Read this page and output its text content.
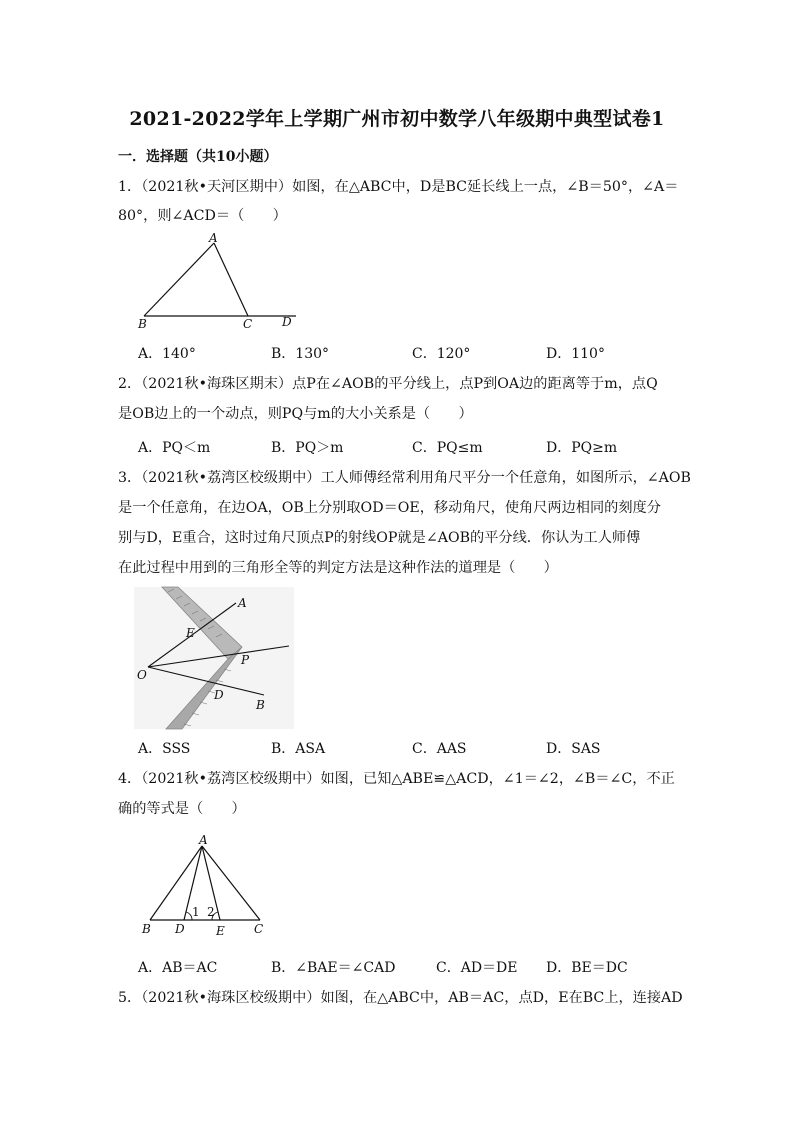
2021-2022学年上学期广州市初中数学八年级期中典型试卷1
一．选择题（共10小题）
1．（2021秋•天河区期中）如图，在△ABC中，D是BC延长线上一点，∠B＝50°，∠A＝
80°，则∠ACD＝（　　）
A
B	C D
A．140°	B．130°	C．120°	D．110°
2．（2021秋•海珠区期末）点P在∠AOB的平分线上，点P到OA边的距离等于m，点Q
是OB边上的一个动点，则PQ与m的大小关系是（　　）
A．PQ＜m	B．PQ＞m	C．PQ≤m	D．PQ≥m
3．（2021秋•荔湾区校级期中）工人师傅经常利用角尺平分一个任意角，如图所示，∠AOB
是一个任意角，在边OA，OB上分别取OD＝OE，移动角尺，使角尺两边相同的刻度分
别与D，E重合，这时过角尺顶点P的射线OP就是∠AOB的平分线．你认为工人师傅
在此过程中用到的三角形全等的判定方法是这种作法的道理是（　　）
A
E
P
O
D
B
A．SSS	B．ASA	C．AAS	D．SAS
4．（2021秋•荔湾区校级期中）如图，已知△ABE≌△ACD，∠1＝∠2，∠B＝∠C，不正
确的等式是（　　）
A
1 2
B D	E C
A．AB＝AC	B．∠BAE＝∠CAD	C．AD＝DE D．BE＝DC
5．（2021秋•海珠区校级期中）如图，在△ABC中，AB＝AC，点D，E在BC上，连接AD
